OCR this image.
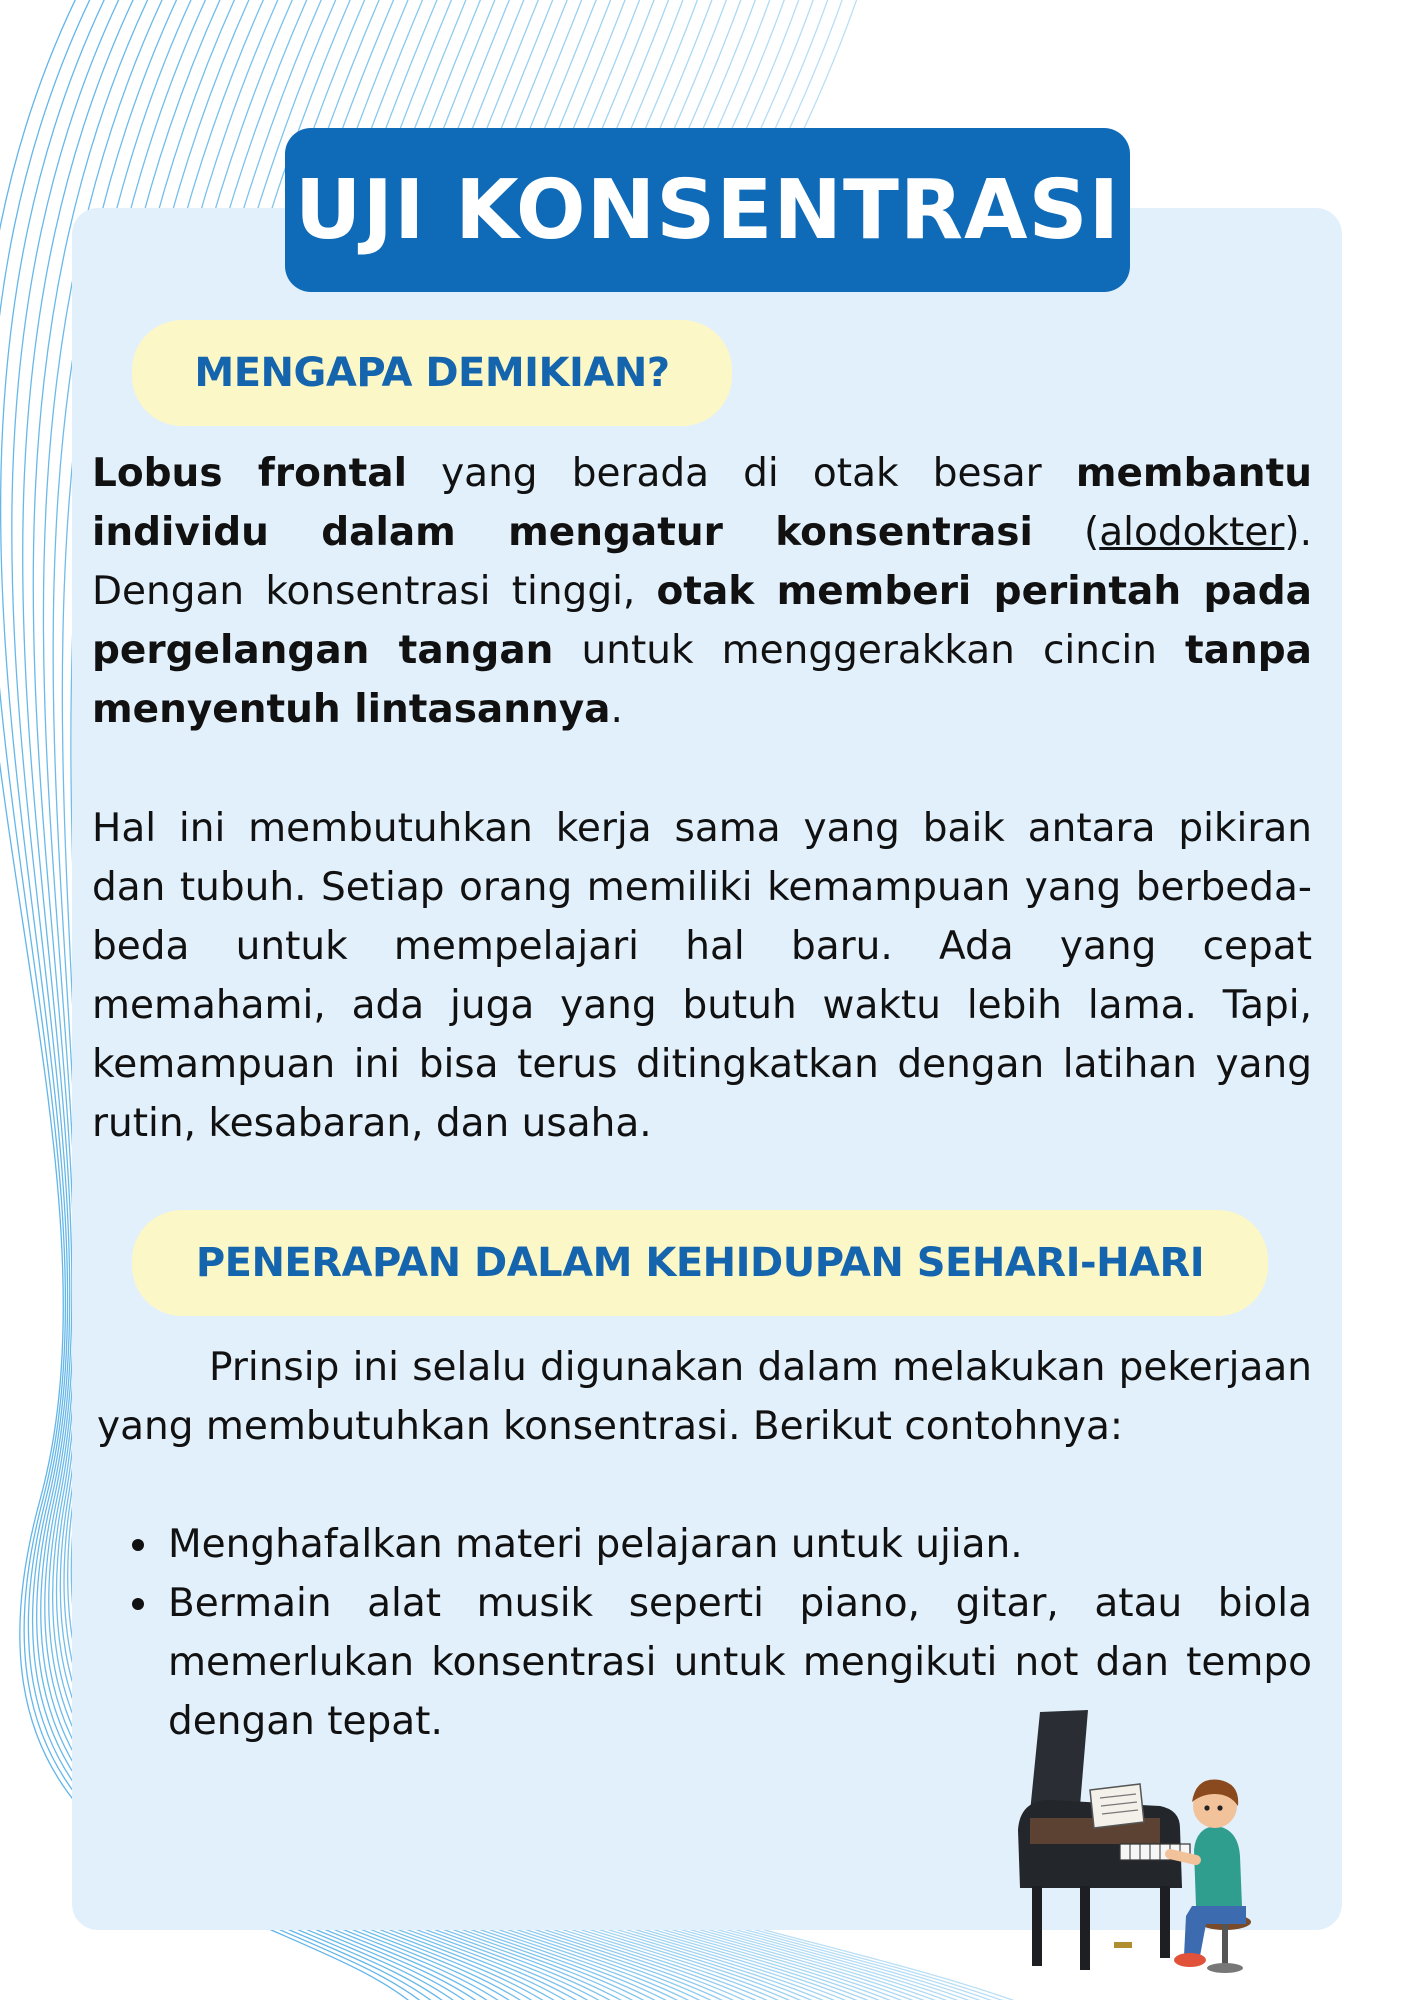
UJI KONSENTRASI
MENGAPA DEMIKIAN?

Lobus frontal yang berada di otak besar membantu individu dalam mengatur konsentrasi (alodokter). Dengan konsentrasi tinggi, otak memberi perintah pada pergelangan tangan untuk menggerakkan cincin tanpa menyentuh lintasannya.

Hal ini membutuhkan kerja sama yang baik antara pikiran dan tubuh. Setiap orang memiliki kemampuan yang berbeda-beda untuk mempelajari hal baru. Ada yang cepat memahami, ada juga yang butuh waktu lebih lama. Tapi, kemampuan ini bisa terus ditingkatkan dengan latihan yang rutin, kesabaran, dan usaha.

PENERAPAN DALAM KEHIDUPAN SEHARI-HARI

Prinsip ini selalu digunakan dalam melakukan pekerjaan yang membutuhkan konsentrasi. Berikut contohnya:

Menghafalkan materi pelajaran untuk ujian.
Bermain alat musik seperti piano, gitar, atau biola memerlukan konsentrasi untuk mengikuti not dan tempo dengan tepat.
